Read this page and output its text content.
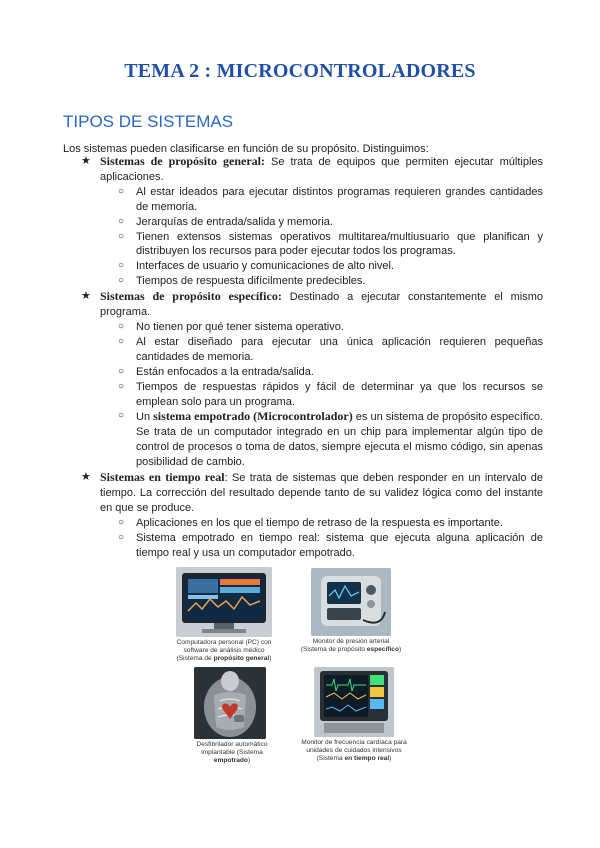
TEMA 2 : MICROCONTROLADORES
TIPOS DE SISTEMAS
Los sistemas pueden clasificarse en función de su propósito. Distinguimos:
★ Sistemas de propósito general: Se trata de equipos que permiten ejecutar múltiples aplicaciones.
○ Al estar ideados para ejecutar distintos programas requieren grandes cantidades de memoria.
○ Jerarquías de entrada/salida y memoria.
○ Tienen extensos sistemas operativos multitarea/multiusuario que planifican y distribuyen los recursos para poder ejecutar todos los programas.
○ Interfaces de usuario y comunicaciones de alto nivel.
○ Tiempos de respuesta difícilmente predecibles.
★ Sistemas de propósito específico: Destinado a ejecutar constantemente el mismo programa.
○ No tienen por qué tener sistema operativo.
○ Al estar diseñado para ejecutar una única aplicación requieren pequeñas cantidades de memoria.
○ Están enfocados a la entrada/salida.
○ Tiempos de respuestas rápidos y fácil de determinar ya que los recursos se emplean solo para un programa.
○ Un sistema empotrado (Microcontrolador) es un sistema de propósito específico. Se trata de un computador integrado en un chip para implementar algún tipo de control de procesos o toma de datos, siempre ejecuta el mismo código, sin apenas posibilidad de cambio.
★ Sistemas en tiempo real: Se trata de sistemas que deben responder en un intervalo de tiempo. La corrección del resultado depende tanto de su validez lógica como del instante en que se produce.
○ Aplicaciones en los que el tiempo de retraso de la respuesta es importante.
○ Sistema empotrado en tiempo real: sistema que ejecuta alguna aplicación de tiempo real y usa un computador empotrado.
Computadora personal (PC) con
software de análisis médico
(Sistema de propósito general)
Monitor de presión arterial
(Sistema de propósito específico)
Desfibrilador automático
implantable (Sistema empotrado)
Monitor de frecuencia cardíaca para
unidades de cuidados intensivos
(Sistema en tiempo real)
